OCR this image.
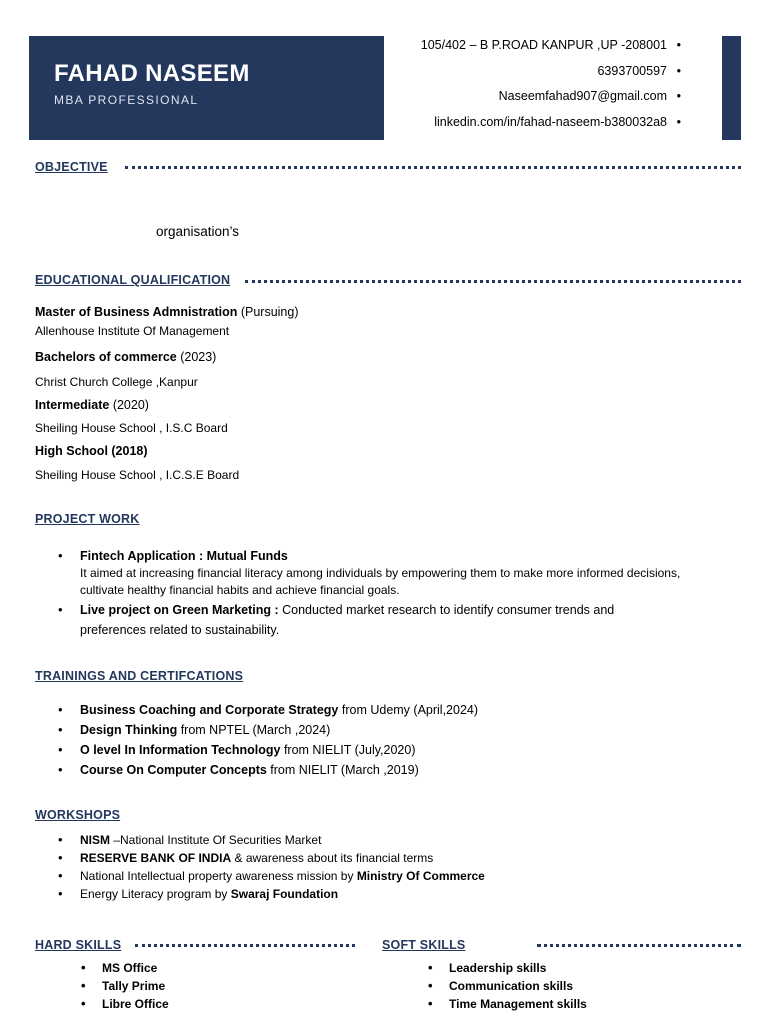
FAHAD NASEEM
MBA PROFESSIONAL
105/402 – B P.ROAD KANPUR ,UP -208001 •
6393700597 •
Naseemfahad907@gmail.com •
linkedin.com/in/fahad-naseem-b380032a8 •
OBJECTIVE
organisation’s
EDUCATIONAL QUALIFICATION
Master of Business Admnistration (Pursuing)
Allenhouse Institute Of Management
Bachelors of commerce (2023)
Christ Church College ,Kanpur
Intermediate (2020)
Sheiling House School , I.S.C Board
High School (2018)
Sheiling House School , I.C.S.E Board
PROJECT WORK
• Fintech Application : Mutual Funds
It aimed at increasing financial literacy among individuals by empowering them to make more informed decisions,
cultivate healthy financial habits and achieve financial goals.
• Live project on Green Marketing : Conducted market research to identify consumer trends and
preferences related to sustainability.
TRAININGS AND CERTIFCATIONS
• Business Coaching and Corporate Strategy from Udemy (April,2024)
• Design Thinking from NPTEL (March ,2024)
• O level In Information Technology from NIELIT (July,2020)
• Course On Computer Concepts from NIELIT (March ,2019)
WORKSHOPS
• NISM –National Institute Of Securities Market
• RESERVE BANK OF INDIA & awareness about its financial terms
• National Intellectual property awareness mission by Ministry Of Commerce
• Energy Literacy program by Swaraj Foundation
HARD SKILLS
• MS Office
• Tally Prime
• Libre Office
SOFT SKILLS
• Leadership skills
• Communication skills
• Time Management skills
